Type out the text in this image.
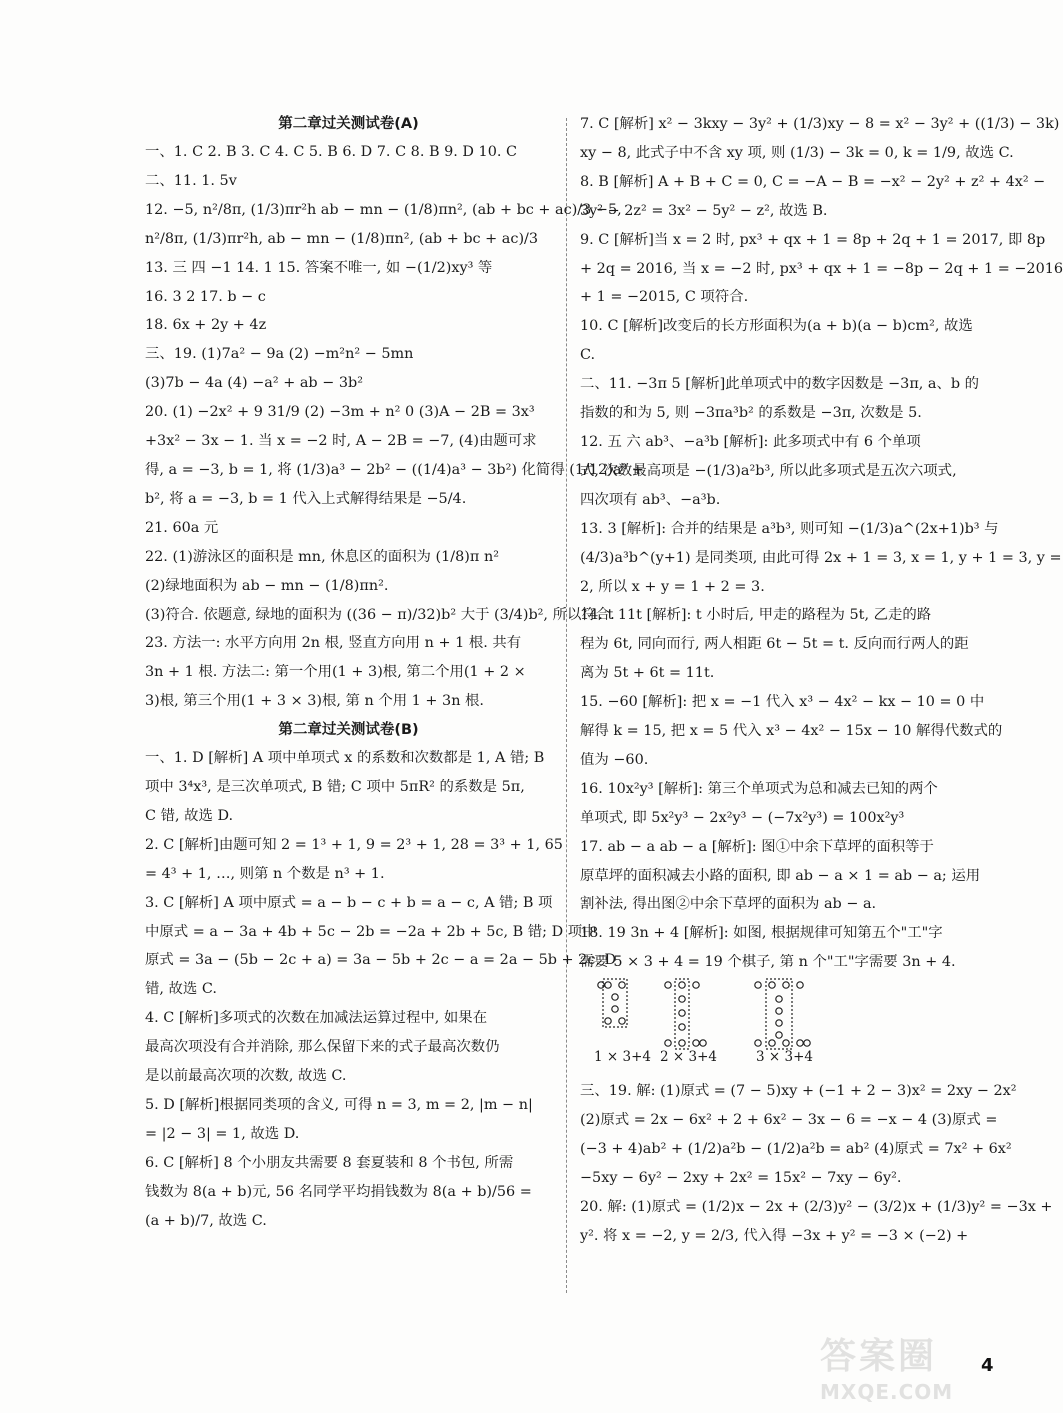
第二章过关测试卷(A)
一、1. C 2. B 3. C 4. C 5. B 6. D 7. C 8. B 9. D 10. C
二、11. 1. 5v
12. −5, n²/8π, (1/3)πr²h ab − mn − (1/8)πn², (ab + bc + ac)/3 −5,
n²/8π, (1/3)πr²h, ab − mn − (1/8)πn², (ab + bc + ac)/3
13. 三 四 −1 14. 1 15. 答案不唯一, 如 −(1/2)xy³ 等
16. 3 2 17. b − c
18. 6x + 2y + 4z
三、19. (1)7a² − 9a (2) −m²n² − 5mn
(3)7b − 4a (4) −a² + ab − 3b²
20. (1) −2x² + 9 31/9 (2) −3m + n² 0 (3)A − 2B = 3x³
+3x² − 3x − 1. 当 x = −2 时, A − 2B = −7, (4)由题可求
得, a = −3, b = 1, 将 (1/3)a³ − 2b² − ((1/4)a³ − 3b²) 化简得 (1/12)a³ +
b², 将 a = −3, b = 1 代入上式解得结果是 −5/4.
21. 60a 元
22. (1)游泳区的面积是 mn, 休息区的面积为 (1/8)π n²
(2)绿地面积为 ab − mn − (1/8)πn².
(3)符合. 依题意, 绿地的面积为 ((36 − π)/32)b² 大于 (3/4)b², 所以符合.
23. 方法一: 水平方向用 2n 根, 竖直方向用 n + 1 根. 共有
3n + 1 根. 方法二: 第一个用(1 + 3)根, 第二个用(1 + 2 ×
3)根, 第三个用(1 + 3 × 3)根, 第 n 个用 1 + 3n 根.
第二章过关测试卷(B)
一、1. D [解析] A 项中单项式 x 的系数和次数都是 1, A 错; B
项中 3⁴x³, 是三次单项式, B 错; C 项中 5πR² 的系数是 5π,
C 错, 故选 D.
2. C [解析]由题可知 2 = 1³ + 1, 9 = 2³ + 1, 28 = 3³ + 1, 65
= 4³ + 1, …, 则第 n 个数是 n³ + 1.
3. C [解析] A 项中原式 = a − b − c + b = a − c, A 错; B 项
中原式 = a − 3a + 4b + 5c − 2b = −2a + 2b + 5c, B 错; D 项中
原式 = 3a − (5b − 2c + a) = 3a − 5b + 2c − a = 2a − 5b + 2c, D
错, 故选 C.
4. C [解析]多项式的次数在加减法运算过程中, 如果在
最高次项没有合并消除, 那么保留下来的式子最高次数仍
是以前最高次项的次数, 故选 C.
5. D [解析]根据同类项的含义, 可得 n = 3, m = 2, |m − n|
= |2 − 3| = 1, 故选 D.
6. C [解析] 8 个小朋友共需要 8 套夏装和 8 个书包, 所需
钱数为 8(a + b)元, 56 名同学平均捐钱数为 8(a + b)/56 =
(a + b)/7, 故选 C.
7. C [解析] x² − 3kxy − 3y² + (1/3)xy − 8 = x² − 3y² + ((1/3) − 3k)
xy − 8, 此式子中不含 xy 项, 则 (1/3) − 3k = 0, k = 1/9, 故选 C.
8. B [解析] A + B + C = 0, C = −A − B = −x² − 2y² + z² + 4x² −
3y² − 2z² = 3x² − 5y² − z², 故选 B.
9. C [解析]当 x = 2 时, px³ + qx + 1 = 8p + 2q + 1 = 2017, 即 8p
+ 2q = 2016, 当 x = −2 时, px³ + qx + 1 = −8p − 2q + 1 = −2016
+ 1 = −2015, C 项符合.
10. C [解析]改变后的长方形面积为(a + b)(a − b)cm², 故选
C.
二、11. −3π 5 [解析]此单项式中的数字因数是 −3π, a、b 的
指数的和为 5, 则 −3πa³b² 的系数是 −3π, 次数是 5.
12. 五 六 ab³、−a³b [解析]: 此多项式中有 6 个单项
式, 次数最高项是 −(1/3)a²b³, 所以此多项式是五次六项式,
四次项有 ab³、−a³b.
13. 3 [解析]: 合并的结果是 a³b³, 则可知 −(1/3)a^(2x+1)b³ 与
(4/3)a³b^(y+1) 是同类项, 由此可得 2x + 1 = 3, x = 1, y + 1 = 3, y =
2, 所以 x + y = 1 + 2 = 3.
14. t 11t [解析]: t 小时后, 甲走的路程为 5t, 乙走的路
程为 6t, 同向而行, 两人相距 6t − 5t = t. 反向而行两人的距
离为 5t + 6t = 11t.
15. −60 [解析]: 把 x = −1 代入 x³ − 4x² − kx − 10 = 0 中
解得 k = 15, 把 x = 5 代入 x³ − 4x² − 15x − 10 解得代数式的
值为 −60.
16. 10x²y³ [解析]: 第三个单项式为总和减去已知的两个
单项式, 即 5x²y³ − 2x²y³ − (−7x²y³) = 100x²y³
17. ab − a ab − a [解析]: 图①中余下草坪的面积等于
原草坪的面积减去小路的面积, 即 ab − a × 1 = ab − a; 运用
割补法, 得出图②中余下草坪的面积为 ab − a.
18. 19 3n + 4 [解析]: 如图, 根据规律可知第五个"工"字
需要 5 × 3 + 4 = 19 个棋子, 第 n 个"工"字需要 3n + 4.
1 × 3+4 2 × 3+4	3 × 3+4
三、19. 解: (1)原式 = (7 − 5)xy + (−1 + 2 − 3)x² = 2xy − 2x²
(2)原式 = 2x − 6x² + 2 + 6x² − 3x − 6 = −x − 4 (3)原式 =
(−3 + 4)ab² + (1/2)a²b − (1/2)a²b = ab² (4)原式 = 7x² + 6x²
−5xy − 6y² − 2xy + 2x² = 15x² − 7xy − 6y².
20. 解: (1)原式 = (1/2)x − 2x + (2/3)y² − (3/2)x + (1/3)y² = −3x +
y². 将 x = −2, y = 2/3, 代入得 −3x + y² = −3 × (−2) +
4
答案圈
MXQE.COM
